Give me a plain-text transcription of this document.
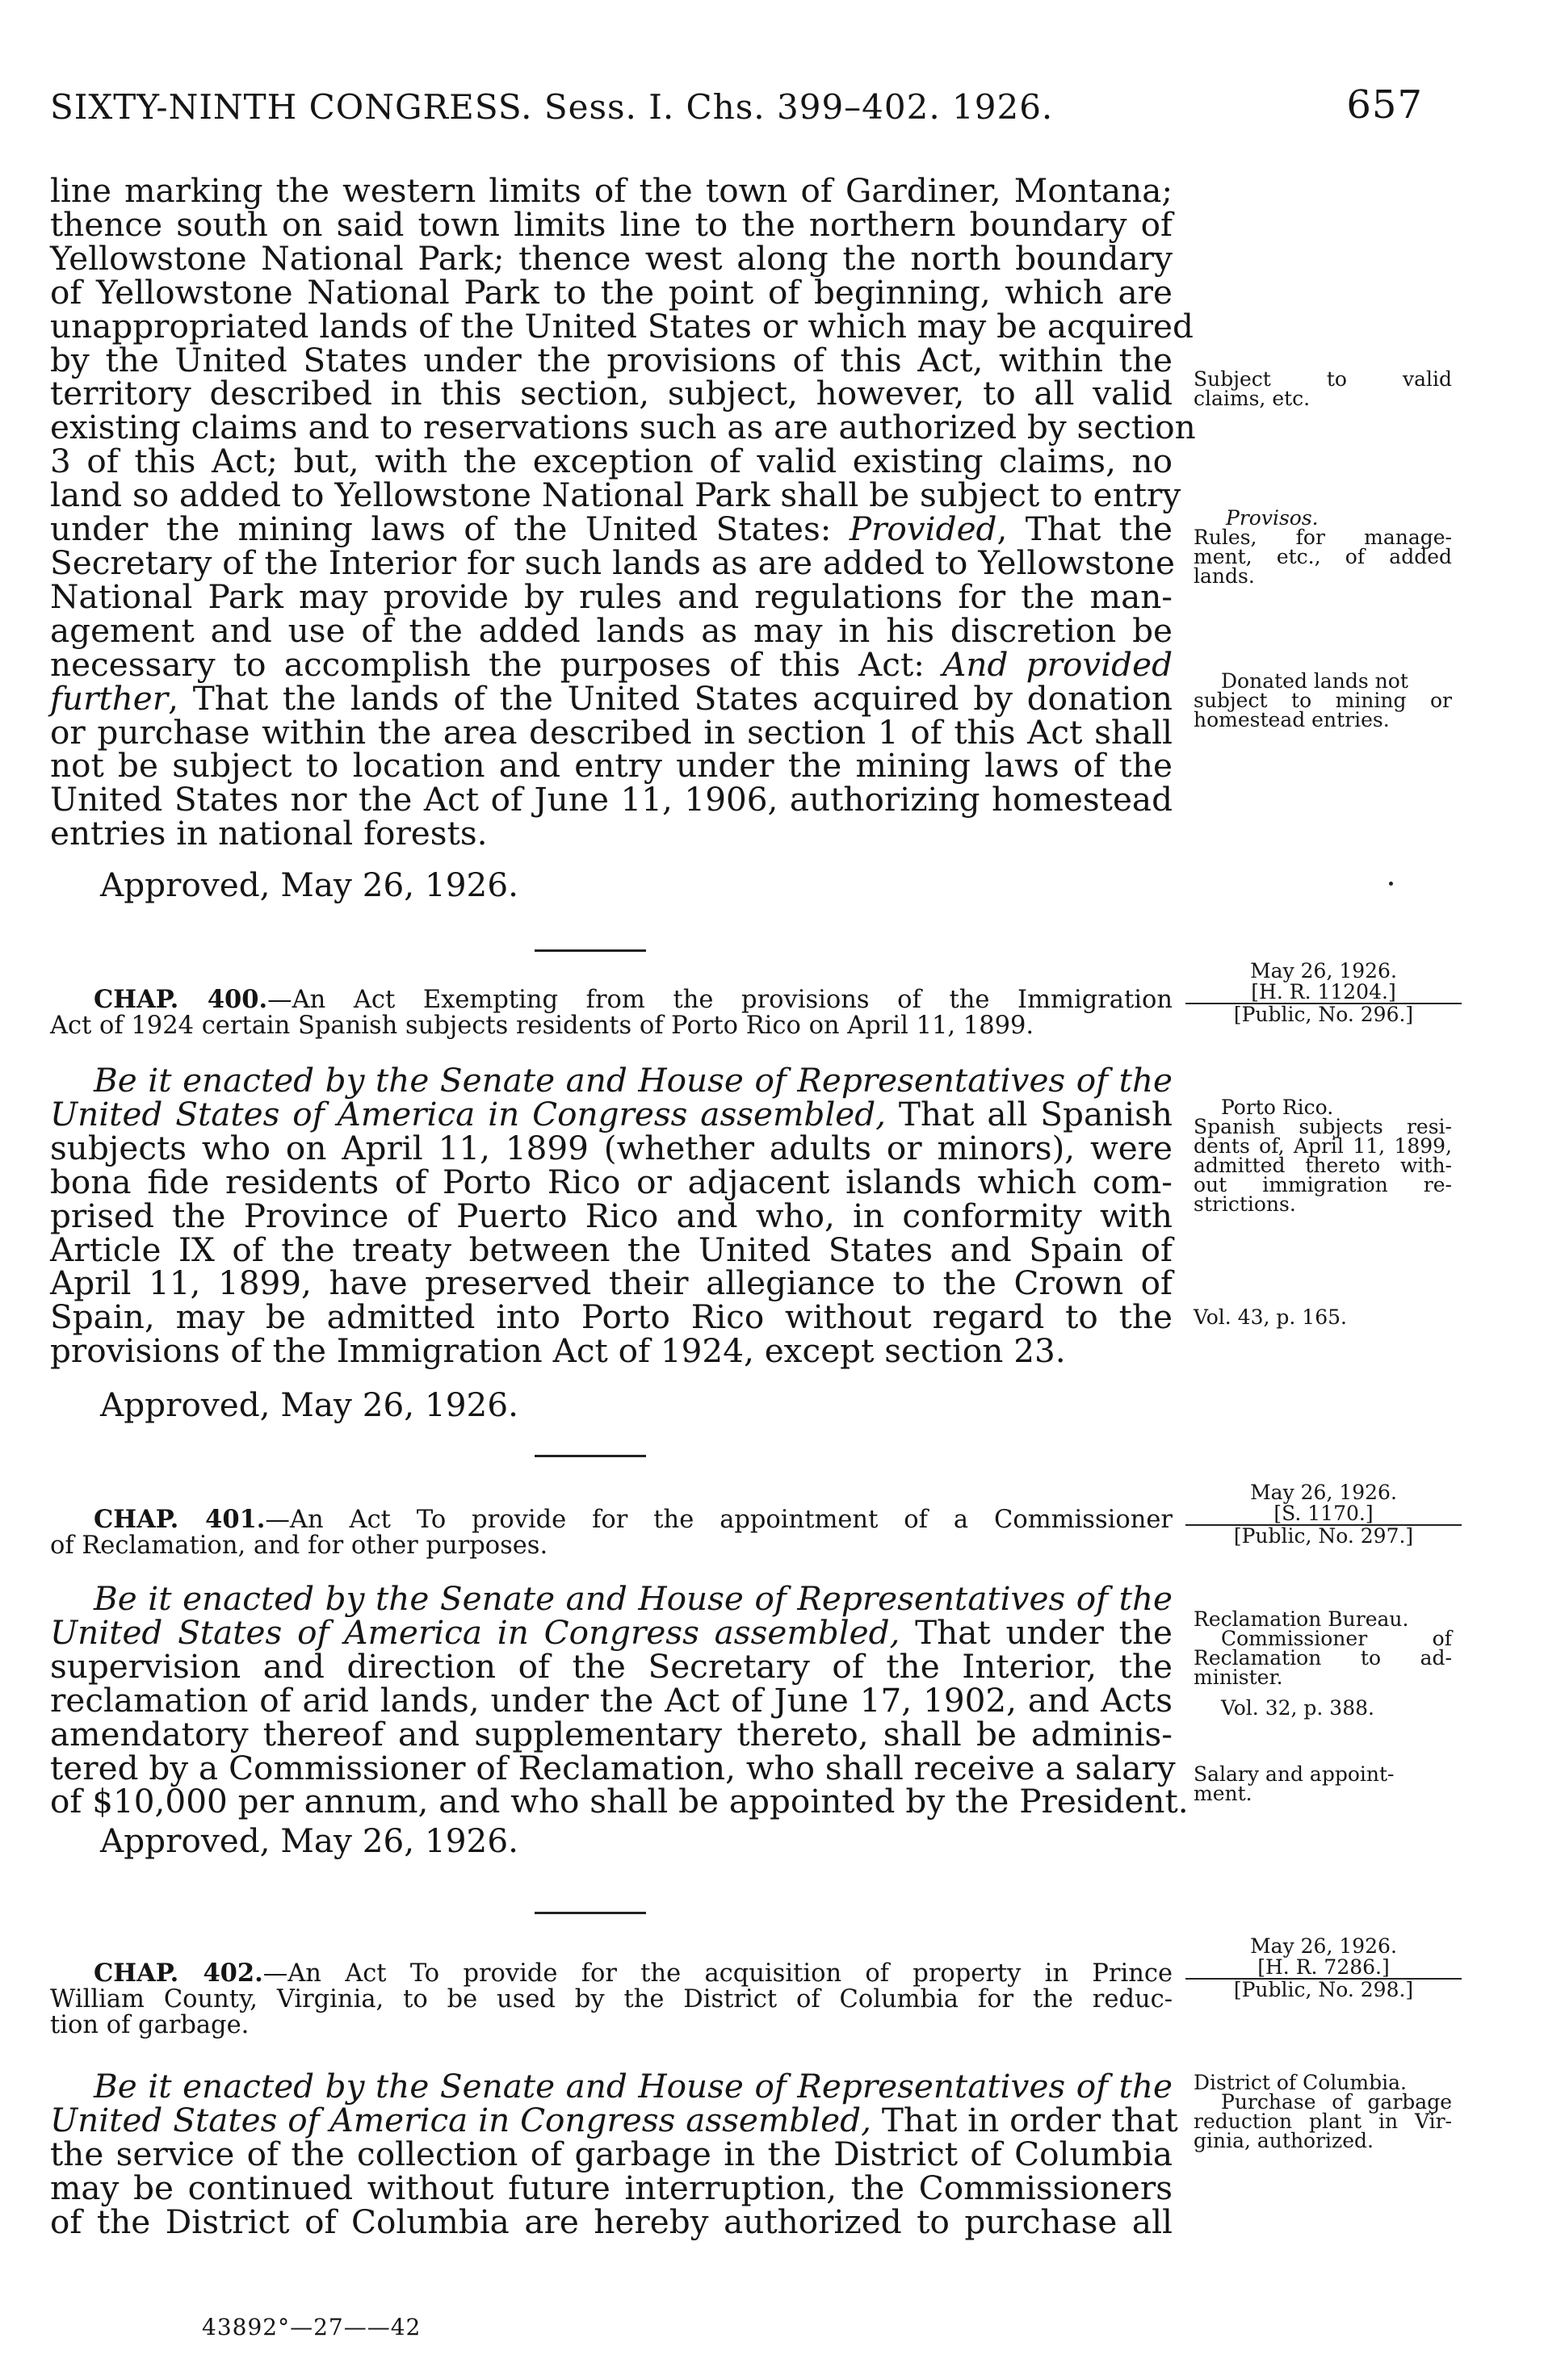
SIXTY-NINTH CONGRESS. Sess. I. Chs. 399–402. 1926.	657
line marking the western limits of the town of Gardiner, Montana;
thence south on said town limits line to the northern boundary of
Yellowstone National Park; thence west along the north boundary
of Yellowstone National Park to the point of beginning, which are
unappropriated lands of the United States or which may be acquired
by the United States under the provisions of this Act, within the
territory described in this section, subject, however, to all valid
existing claims and to reservations such as are authorized by section
3 of this Act; but, with the exception of valid existing claims, no
land so added to Yellowstone National Park shall be subject to entry
under the mining laws of the United States: Provided, That the
Secretary of the Interior for such lands as are added to Yellowstone
National Park may provide by rules and regulations for the man-
agement and use of the added lands as may in his discretion be
necessary to accomplish the purposes of this Act: And provided
further, That the lands of the United States acquired by donation
or purchase within the area described in section 1 of this Act shall
not be subject to location and entry under the mining laws of the
United States nor the Act of June 11, 1906, authorizing homestead
entries in national forests.
Approved, May 26, 1926.
Subject to valid
claims, etc.
Provisos.
Rules, for manage-
ment, etc., of added
lands.
Donated lands not
subject to mining or
homestead entries.
CHAP. 400.—An Act Exempting from the provisions of the Immigration
Act of 1924 certain Spanish subjects residents of Porto Rico on April 11, 1899.
May 26, 1926.
[H. R. 11204.]
[Public, No. 296.]
Be it enacted by the Senate and House of Representatives of the
United States of America in Congress assembled, That all Spanish
subjects who on April 11, 1899 (whether adults or minors), were
bona fide residents of Porto Rico or adjacent islands which com-
prised the Province of Puerto Rico and who, in conformity with
Article IX of the treaty between the United States and Spain of
April 11, 1899, have preserved their allegiance to the Crown of
Spain, may be admitted into Porto Rico without regard to the
provisions of the Immigration Act of 1924, except section 23.
Approved, May 26, 1926.
Porto Rico.
Spanish subjects resi-
dents of, April 11, 1899,
admitted thereto with-
out immigration re-
strictions.
Vol. 43, p. 165.
CHAP. 401.—An Act To provide for the appointment of a Commissioner
of Reclamation, and for other purposes.
May 26, 1926.
[S. 1170.]
[Public, No. 297.]
Be it enacted by the Senate and House of Representatives of the
United States of America in Congress assembled, That under the
supervision and direction of the Secretary of the Interior, the
reclamation of arid lands, under the Act of June 17, 1902, and Acts
amendatory thereof and supplementary thereto, shall be adminis-
tered by a Commissioner of Reclamation, who shall receive a salary
of $10,000 per annum, and who shall be appointed by the President.
Approved, May 26, 1926.
Reclamation Bureau.
Commissioner of
Reclamation to ad-
minister.
Vol. 32, p. 388.
Salary and appoint-
ment.
CHAP. 402.—An Act To provide for the acquisition of property in Prince
William County, Virginia, to be used by the District of Columbia for the reduc-
tion of garbage.
May 26, 1926.
[H. R. 7286.]
[Public, No. 298.]
Be it enacted by the Senate and House of Representatives of the
United States of America in Congress assembled, That in order that
the service of the collection of garbage in the District of Columbia
may be continued without future interruption, the Commissioners
of the District of Columbia are hereby authorized to purchase all
District of Columbia.
Purchase of garbage
reduction plant in Vir-
ginia, authorized.
43892°—27——42
